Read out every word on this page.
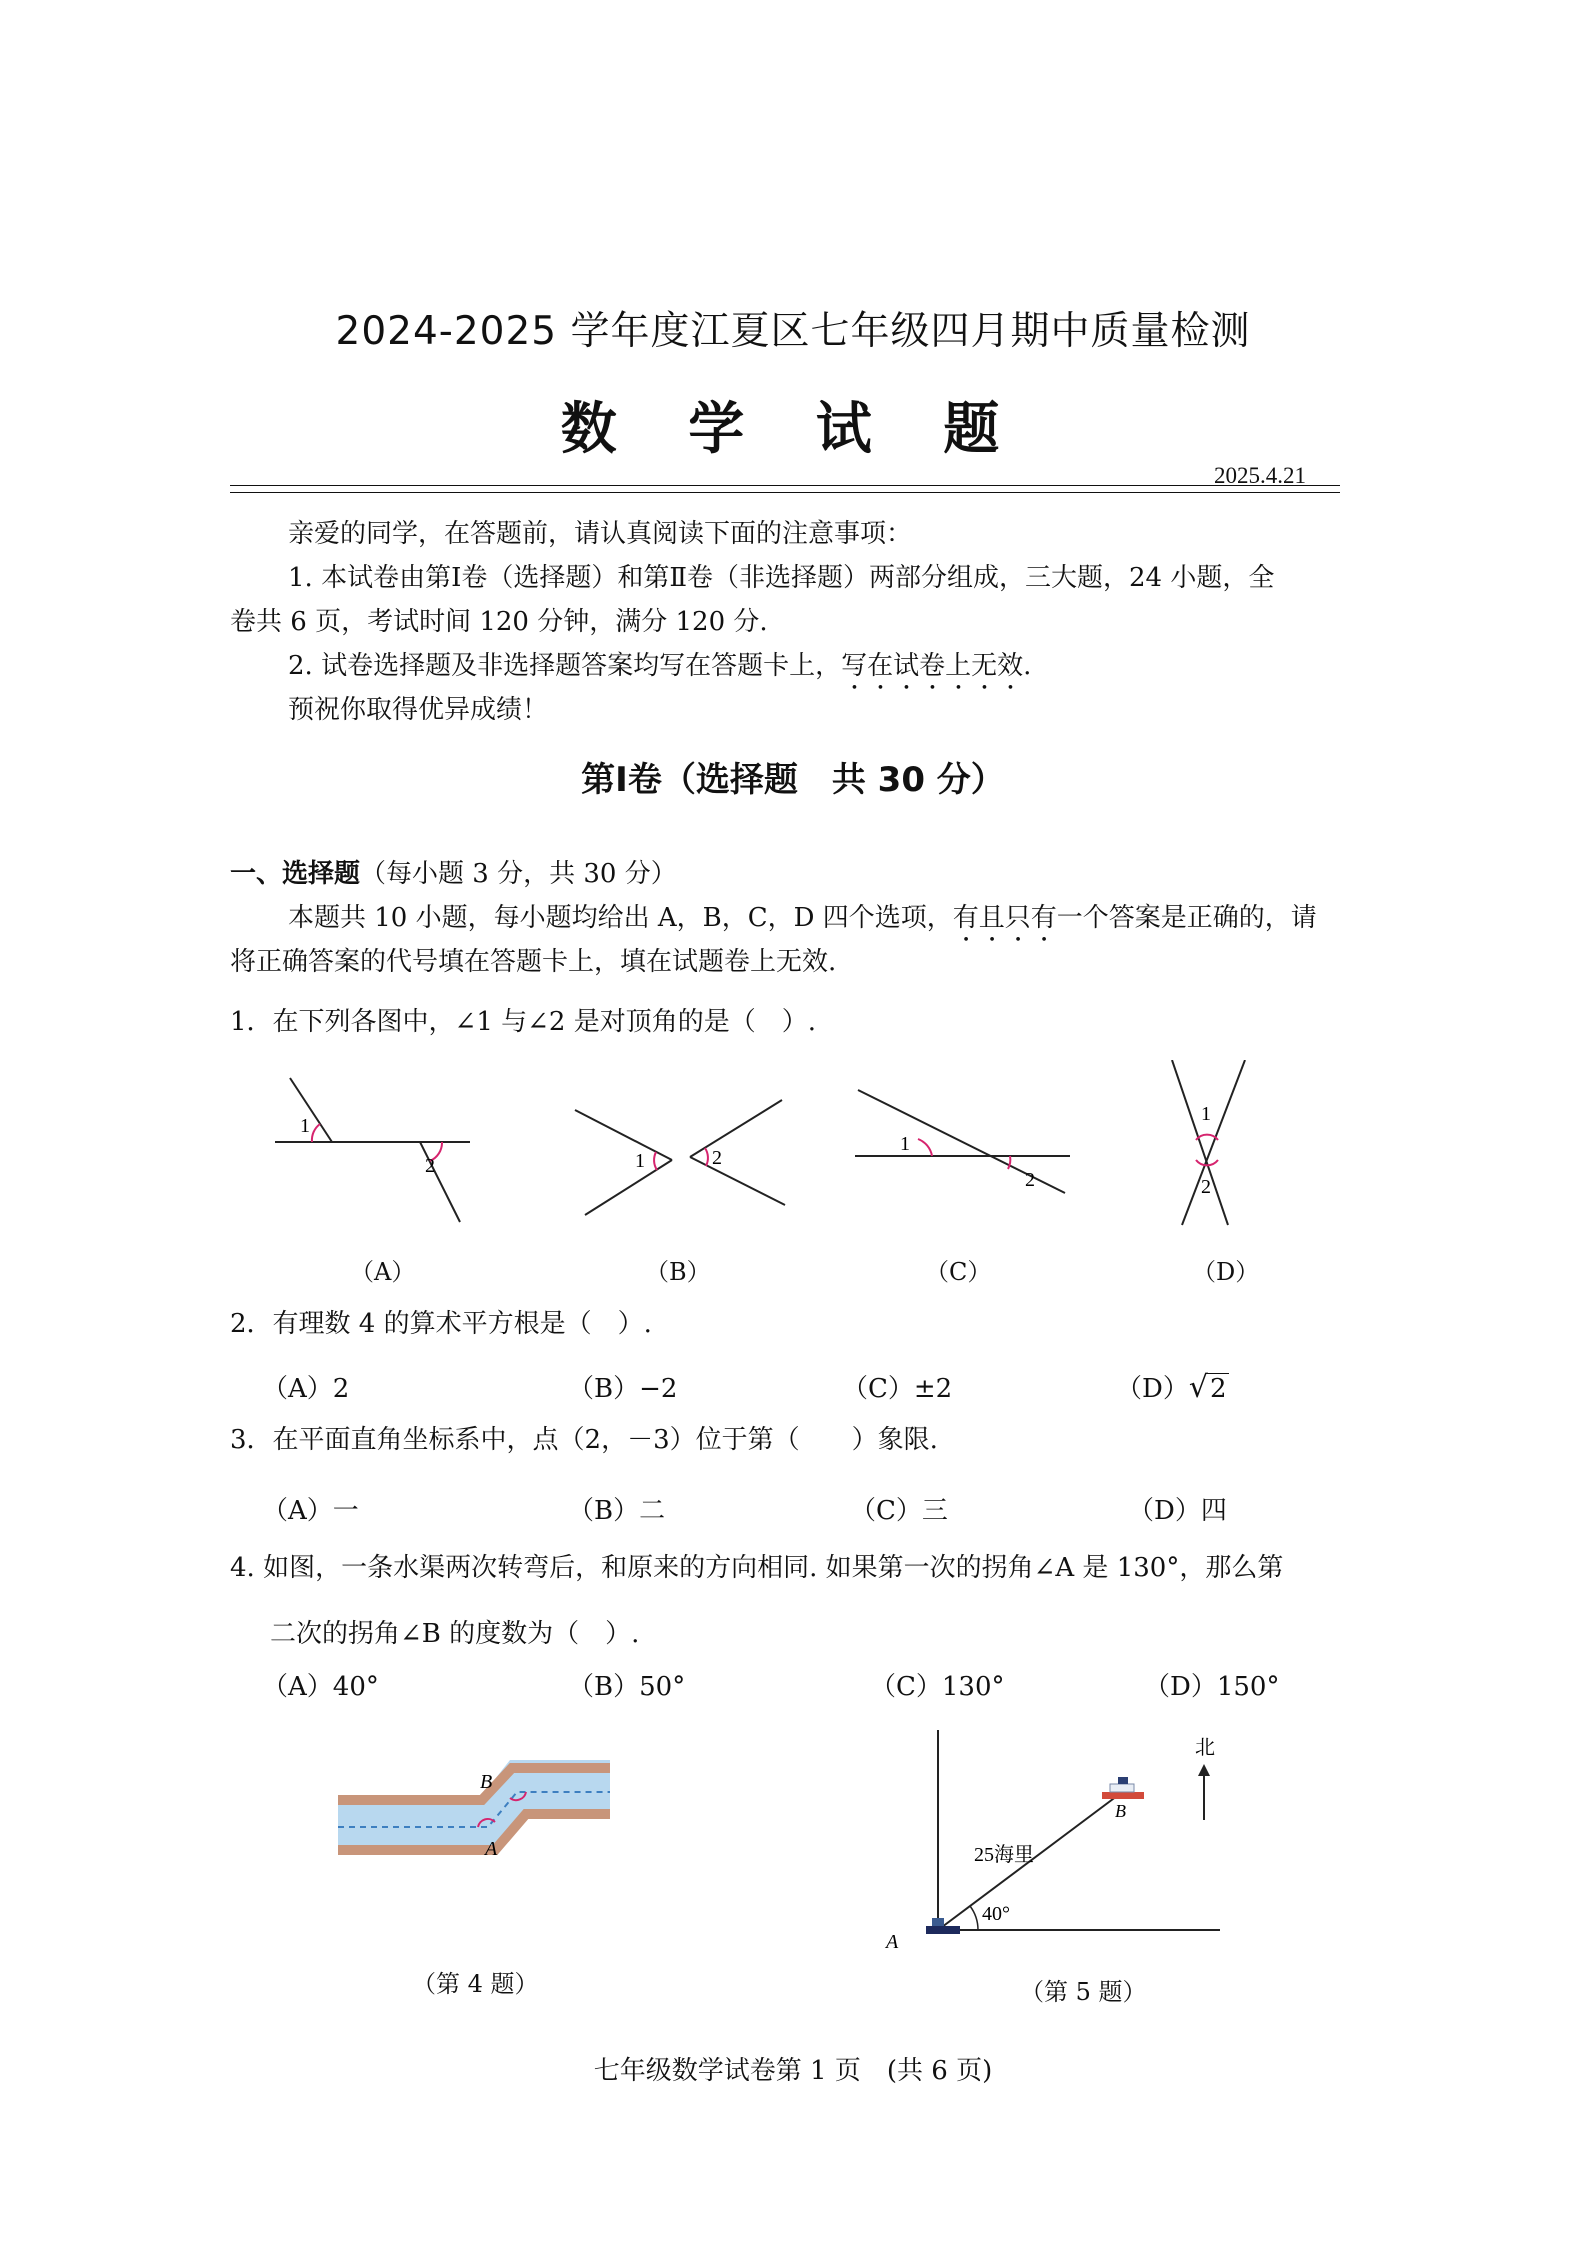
2024-2025 学年度江夏区七年级四月期中质量检测
数 学 试 题
2025.4.21
亲爱的同学，在答题前，请认真阅读下面的注意事项：
1. 本试卷由第Ⅰ卷（选择题）和第Ⅱ卷（非选择题）两部分组成，三大题，24 小题，全
卷共 6 页，考试时间 120 分钟，满分 120 分.
2. 试卷选择题及非选择题答案均写在答题卡上，写在试卷上无效.
预祝你取得优异成绩！
第Ⅰ卷（选择题　共 30 分）
一、选择题（每小题 3 分，共 30 分）
本题共 10 小题，每小题均给出 A，B，C，D 四个选项，有且只有一个答案是正确的，请
将正确答案的代号填在答题卡上，填在试题卷上无效.
1．在下列各图中，∠1 与∠2 是对顶角的是（　）.
1
2	1	2
1
2
1
2
（A）	（B）	（C）	（D）
2．有理数 4 的算术平方根是（　）.
（A）2	（B）−2	（C）±2	（D）√2
3．在平面直角坐标系中，点（2，－3）位于第（　　）象限.
（A）一	（B）二	（C）三	（D）四
4. 如图，一条水渠两次转弯后，和原来的方向相同. 如果第一次的拐角∠A 是 130°，那么第
二次的拐角∠B 的度数为（　）.
（A）40°	（B）50°	（C）130°	（D）150°
A
B
（第 4 题）
北
25海里
40°
B
A
（第 5 题）
七年级数学试卷第 1 页　(共 6 页)
